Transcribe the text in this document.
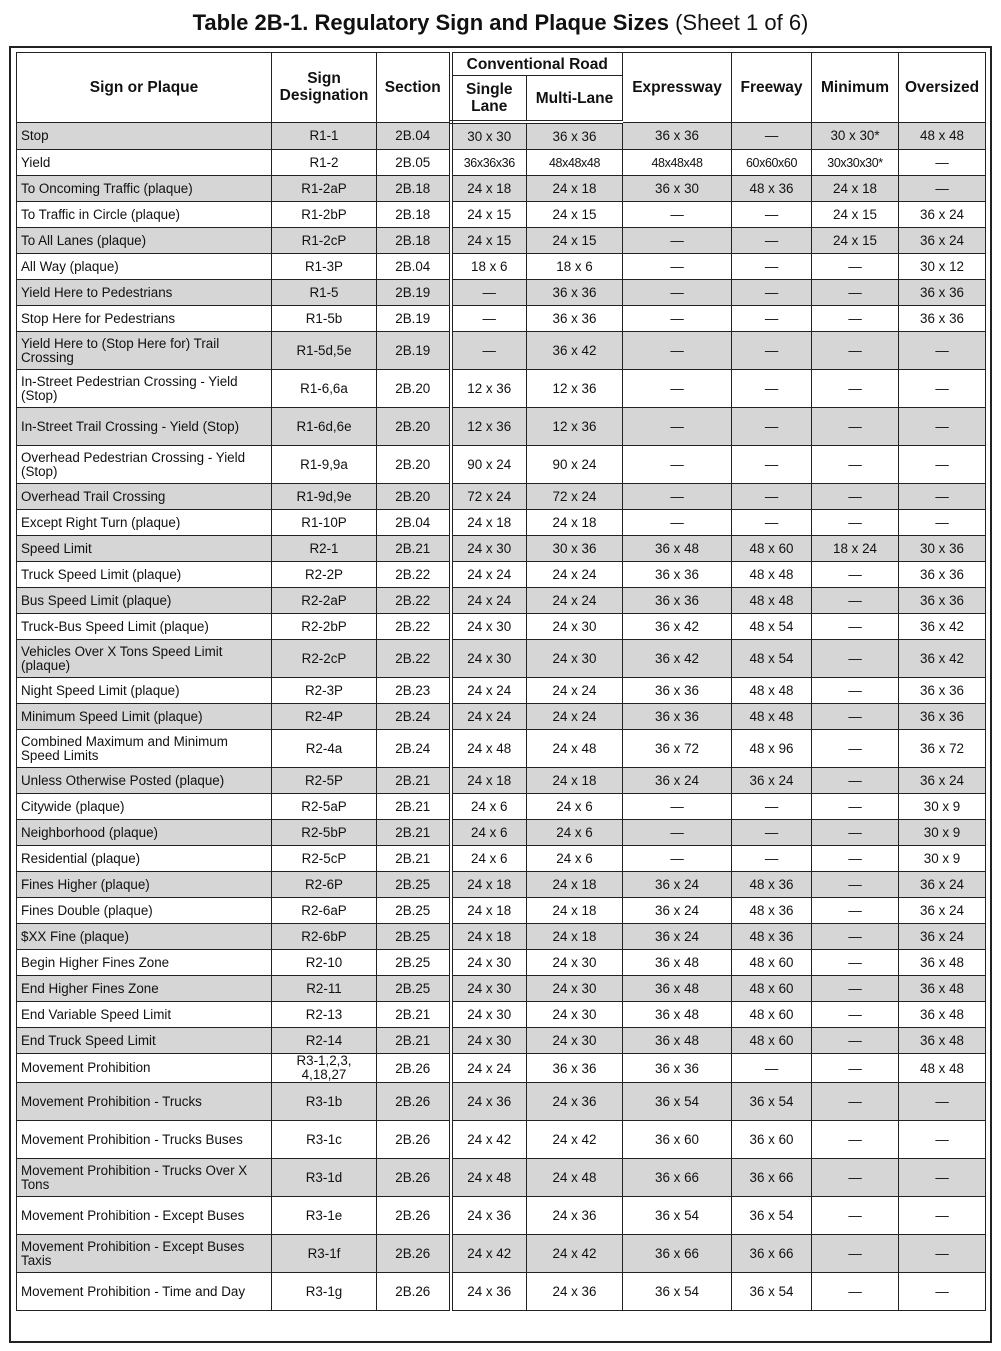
Table 2B-1. Regulatory Sign and Plaque Sizes (Sheet 1 of 6)
Sign or Plaque	Sign Designation	Section	Conventional Road		Expressway	Freeway	Minimum	Oversized
			Single Lane	Multi-Lane				
Stop	R1-1	2B.04	30 x 30	36 x 36	36 x 36	—	30 x 30*	48 x 48
Yield	R1-2	2B.05	36x36x36	48x48x48	48x48x48	60x60x60	30x30x30*	—
To Oncoming Traffic (plaque)	R1-2aP	2B.18	24 x 18	24 x 18	36 x 30	48 x 36	24 x 18	—
To Traffic in Circle (plaque)	R1-2bP	2B.18	24 x 15	24 x 15	—	—	24 x 15	36 x 24
To All Lanes (plaque)	R1-2cP	2B.18	24 x 15	24 x 15	—	—	24 x 15	36 x 24
All Way (plaque)	R1-3P	2B.04	18 x 6	18 x 6	—	—	—	30 x 12
Yield Here to Pedestrians	R1-5	2B.19	—	36 x 36	—	—	—	36 x 36
Stop Here for Pedestrians	R1-5b	2B.19	—	36 x 36	—	—	—	36 x 36
Yield Here to (Stop Here for) Trail Crossing	R1-5d,5e	2B.19	—	36 x 42	—	—	—	—
In-Street Pedestrian Crossing - Yield (Stop)	R1-6,6a	2B.20	12 x 36	12 x 36	—	—	—	—
In-Street Trail Crossing - Yield (Stop)	R1-6d,6e	2B.20	12 x 36	12 x 36	—	—	—	—
Overhead Pedestrian Crossing - Yield (Stop)	R1-9,9a	2B.20	90 x 24	90 x 24	—	—	—	—
Overhead Trail Crossing	R1-9d,9e	2B.20	72 x 24	72 x 24	—	—	—	—
Except Right Turn (plaque)	R1-10P	2B.04	24 x 18	24 x 18	—	—	—	—
Speed Limit	R2-1	2B.21	24 x 30	30 x 36	36 x 48	48 x 60	18 x 24	30 x 36
Truck Speed Limit (plaque)	R2-2P	2B.22	24 x 24	24 x 24	36 x 36	48 x 48	—	36 x 36
Bus Speed Limit (plaque)	R2-2aP	2B.22	24 x 24	24 x 24	36 x 36	48 x 48	—	36 x 36
Truck-Bus Speed Limit (plaque)	R2-2bP	2B.22	24 x 30	24 x 30	36 x 42	48 x 54	—	36 x 42
Vehicles Over X Tons Speed Limit (plaque)	R2-2cP	2B.22	24 x 30	24 x 30	36 x 42	48 x 54	—	36 x 42
Night Speed Limit (plaque)	R2-3P	2B.23	24 x 24	24 x 24	36 x 36	48 x 48	—	36 x 36
Minimum Speed Limit (plaque)	R2-4P	2B.24	24 x 24	24 x 24	36 x 36	48 x 48	—	36 x 36
Combined Maximum and Minimum Speed Limits	R2-4a	2B.24	24 x 48	24 x 48	36 x 72	48 x 96	—	36 x 72
Unless Otherwise Posted (plaque)	R2-5P	2B.21	24 x 18	24 x 18	36 x 24	36 x 24	—	36 x 24
Citywide (plaque)	R2-5aP	2B.21	24 x 6	24 x 6	—	—	—	30 x 9
Neighborhood (plaque)	R2-5bP	2B.21	24 x 6	24 x 6	—	—	—	30 x 9
Residential (plaque)	R2-5cP	2B.21	24 x 6	24 x 6	—	—	—	30 x 9
Fines Higher (plaque)	R2-6P	2B.25	24 x 18	24 x 18	36 x 24	48 x 36	—	36 x 24
Fines Double (plaque)	R2-6aP	2B.25	24 x 18	24 x 18	36 x 24	48 x 36	—	36 x 24
$XX Fine (plaque)	R2-6bP	2B.25	24 x 18	24 x 18	36 x 24	48 x 36	—	36 x 24
Begin Higher Fines Zone	R2-10	2B.25	24 x 30	24 x 30	36 x 48	48 x 60	—	36 x 48
End Higher Fines Zone	R2-11	2B.25	24 x 30	24 x 30	36 x 48	48 x 60	—	36 x 48
End Variable Speed Limit	R2-13	2B.21	24 x 30	24 x 30	36 x 48	48 x 60	—	36 x 48
End Truck Speed Limit	R2-14	2B.21	24 x 30	24 x 30	36 x 48	48 x 60	—	36 x 48
Movement Prohibition	R3-1,2,3, 4,18,27	2B.26	24 x 24	36 x 36	36 x 36	—	—	48 x 48
Movement Prohibition - Trucks	R3-1b	2B.26	24 x 36	24 x 36	36 x 54	36 x 54	—	—
Movement Prohibition - Trucks Buses	R3-1c	2B.26	24 x 42	24 x 42	36 x 60	36 x 60	—	—
Movement Prohibition - Trucks Over X Tons	R3-1d	2B.26	24 x 48	24 x 48	36 x 66	36 x 66	—	—
Movement Prohibition - Except Buses	R3-1e	2B.26	24 x 36	24 x 36	36 x 54	36 x 54	—	—
Movement Prohibition - Except Buses Taxis	R3-1f	2B.26	24 x 42	24 x 42	36 x 66	36 x 66	—	—
Movement Prohibition - Time and Day	R3-1g	2B.26	24 x 36	24 x 36	36 x 54	36 x 54	—	—
